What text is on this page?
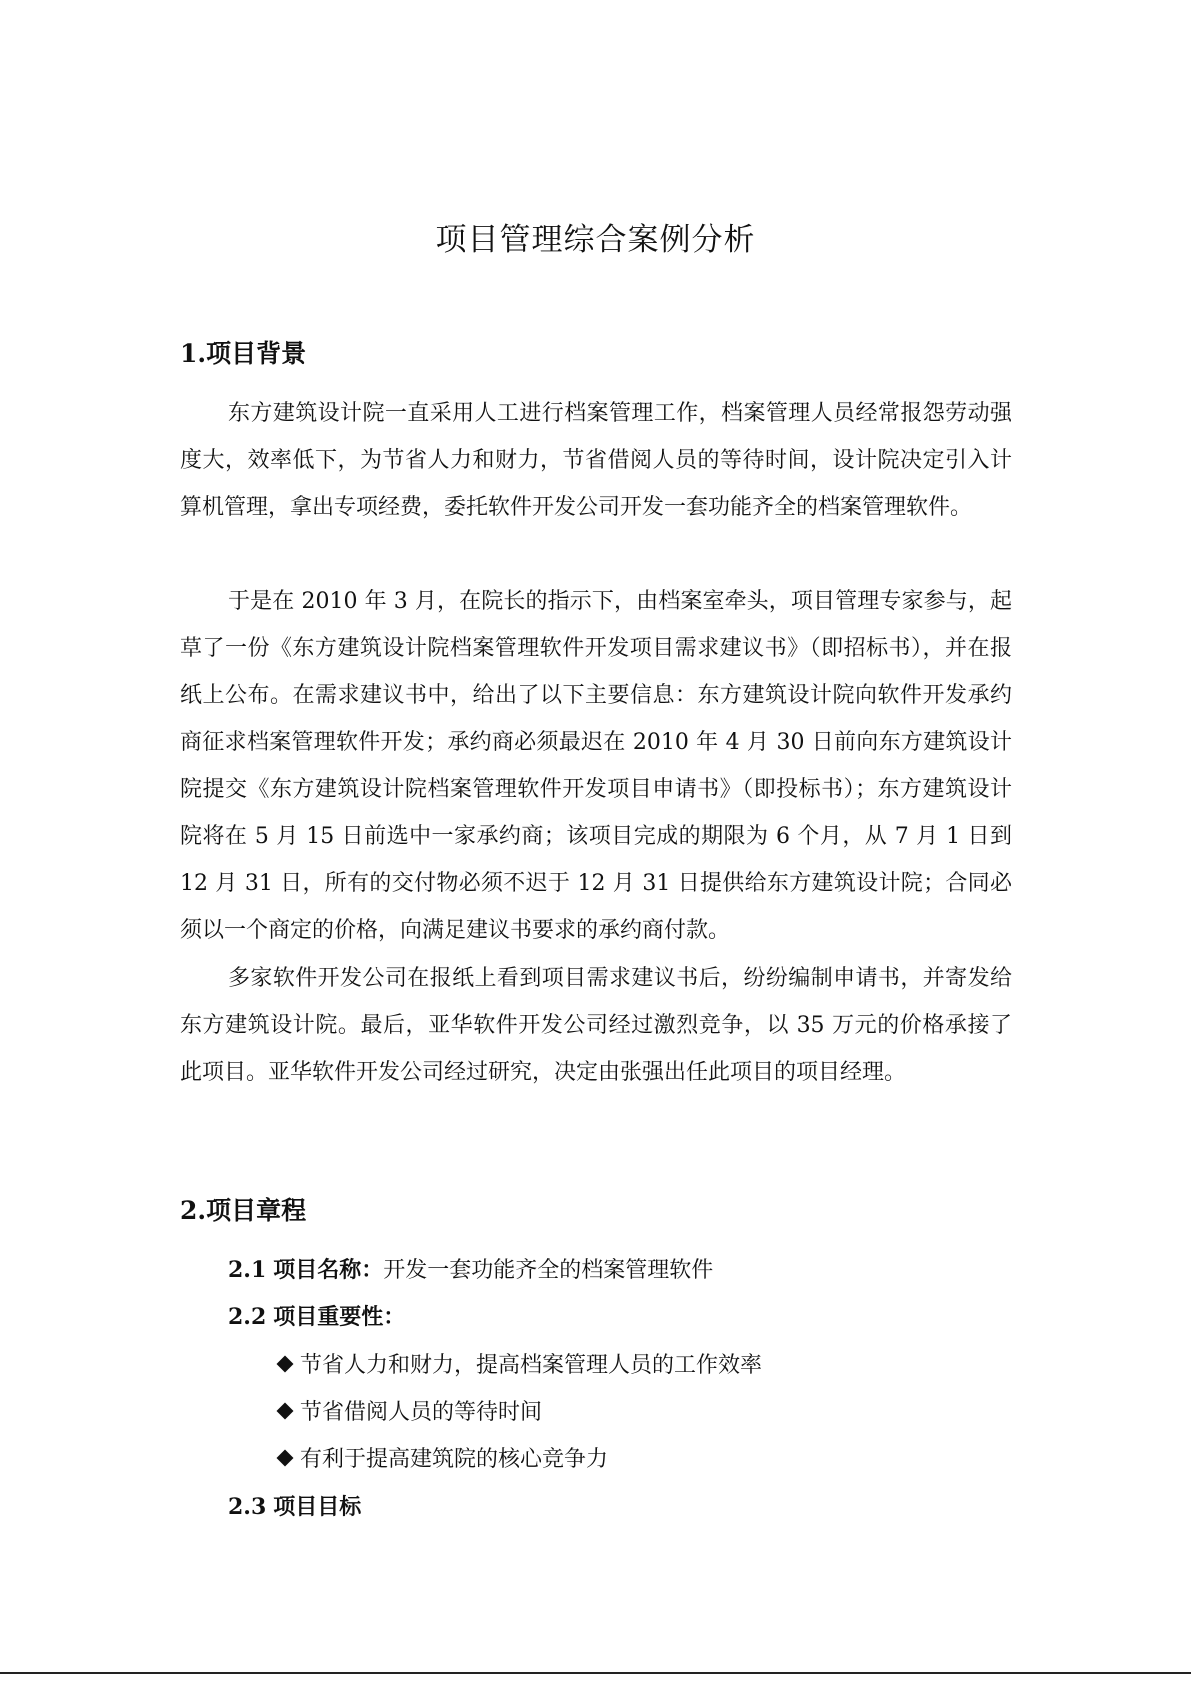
项目管理综合案例分析
1.项目背景

东方建筑设计院一直采用人工进行档案管理工作，档案管理人员经常报怨劳动强度大，效率低下，为节省人力和财力，节省借阅人员的等待时间，设计院决定引入计算机管理，拿出专项经费，委托软件开发公司开发一套功能齐全的档案管理软件。

于是在 2010 年 3 月，在院长的指示下，由档案室牵头，项目管理专家参与，起草了一份《东方建筑设计院档案管理软件开发项目需求建议书》（即招标书），并在报纸上公布。在需求建议书中，给出了以下主要信息：东方建筑设计院向软件开发承约商征求档案管理软件开发；承约商必须最迟在 2010 年 4 月 30 日前向东方建筑设计院提交《东方建筑设计院档案管理软件开发项目申请书》（即投标书）；东方建筑设计院将在 5 月 15 日前选中一家承约商；该项目完成的期限为 6 个月，从 7 月 1 日到 12 月 31 日，所有的交付物必须不迟于 12 月 31 日提供给东方建筑设计院；合同必须以一个商定的价格，向满足建议书要求的承约商付款。

多家软件开发公司在报纸上看到项目需求建议书后，纷纷编制申请书，并寄发给东方建筑设计院。最后，亚华软件开发公司经过激烈竞争，以 35 万元的价格承接了此项目。亚华软件开发公司经过研究，决定由张强出任此项目的项目经理。

2.项目章程

2.1 项目名称：开发一套功能齐全的档案管理软件

2.2 项目重要性：

节省人力和财力，提高档案管理人员的工作效率

节省借阅人员的等待时间

有利于提高建筑院的核心竞争力

2.3 项目目标
